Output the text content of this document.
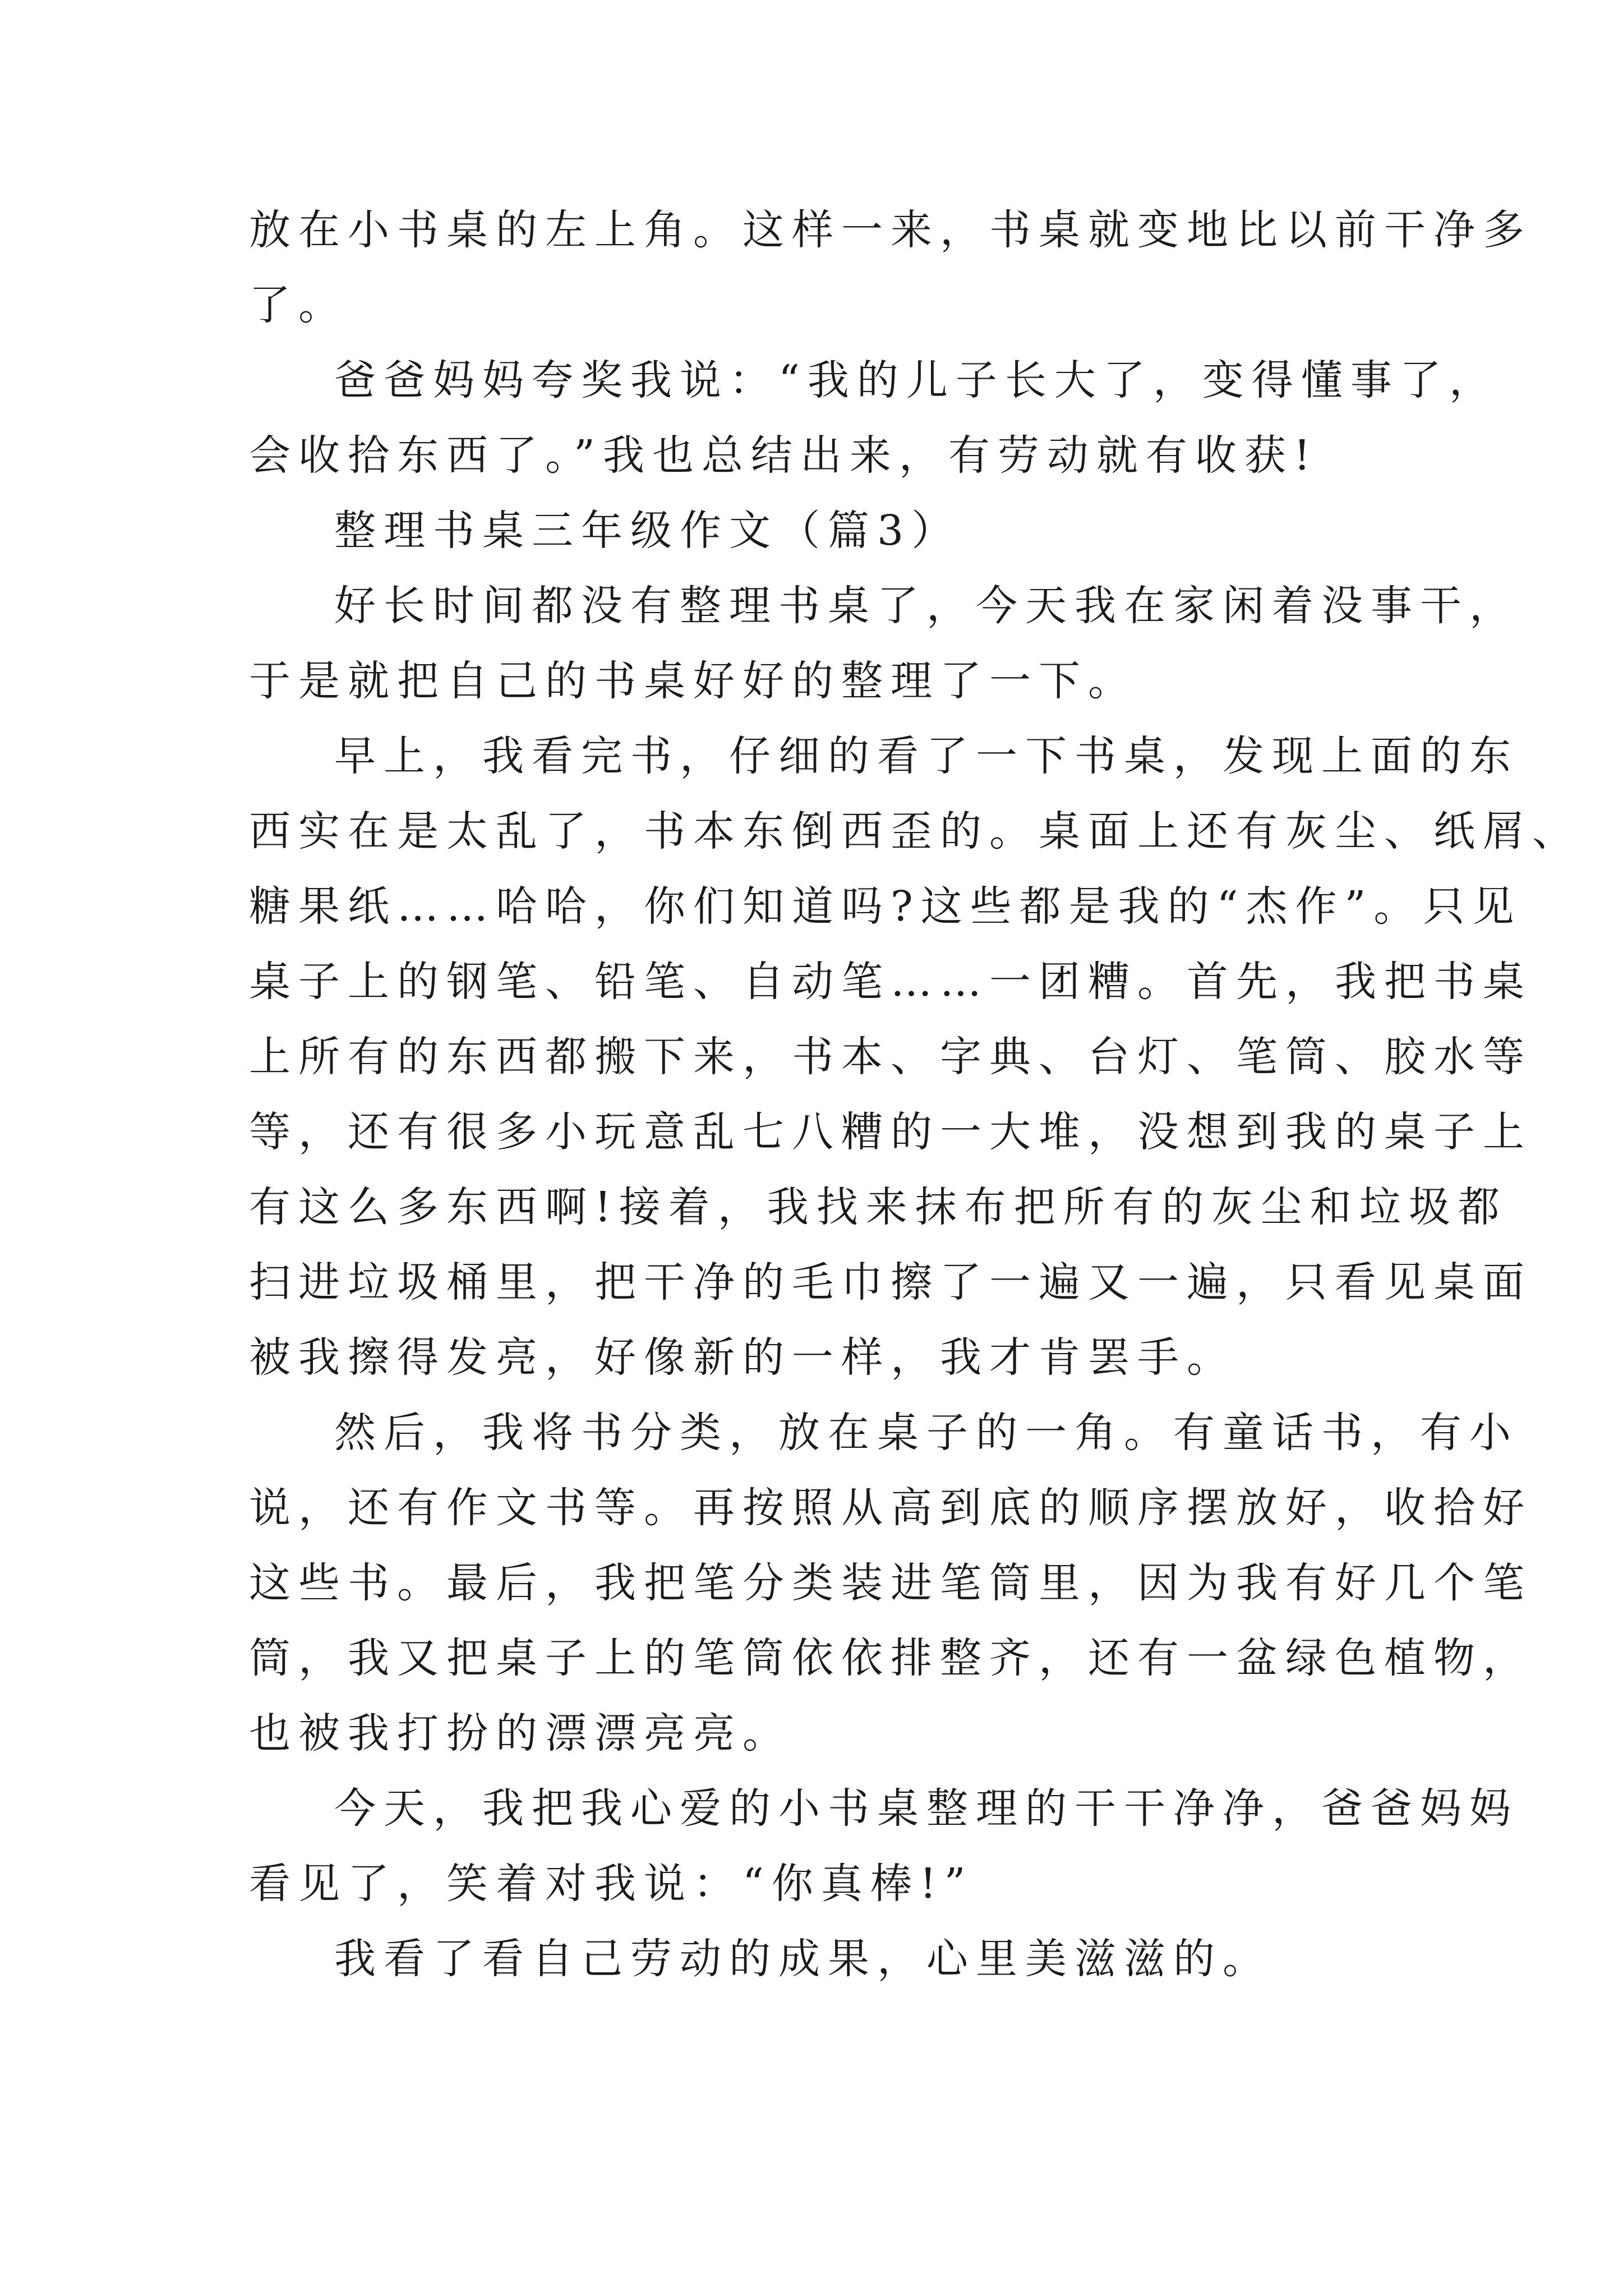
放在小书桌的左上角。这样一来，书桌就变地比以前干净多
了。
爸爸妈妈夸奖我说：“我的儿子长大了，变得懂事了，
会收拾东西了。”我也总结出来，有劳动就有收获!
整理书桌三年级作文（篇3）
好长时间都没有整理书桌了，今天我在家闲着没事干，
于是就把自己的书桌好好的整理了一下。
早上，我看完书，仔细的看了一下书桌，发现上面的东
西实在是太乱了，书本东倒西歪的。桌面上还有灰尘、纸屑、
糖果纸……哈哈，你们知道吗?这些都是我的“杰作”。只见
桌子上的钢笔、铅笔、自动笔……一团糟。首先，我把书桌
上所有的东西都搬下来，书本、字典、台灯、笔筒、胶水等
等，还有很多小玩意乱七八糟的一大堆，没想到我的桌子上
有这么多东西啊!接着，我找来抹布把所有的灰尘和垃圾都
扫进垃圾桶里，把干净的毛巾擦了一遍又一遍，只看见桌面
被我擦得发亮，好像新的一样，我才肯罢手。
然后，我将书分类，放在桌子的一角。有童话书，有小
说，还有作文书等。再按照从高到底的顺序摆放好，收拾好
这些书。最后，我把笔分类装进笔筒里，因为我有好几个笔
筒，我又把桌子上的笔筒依依排整齐，还有一盆绿色植物，
也被我打扮的漂漂亮亮。
今天，我把我心爱的小书桌整理的干干净净，爸爸妈妈
看见了，笑着对我说：“你真棒!”
我看了看自己劳动的成果，心里美滋滋的。
